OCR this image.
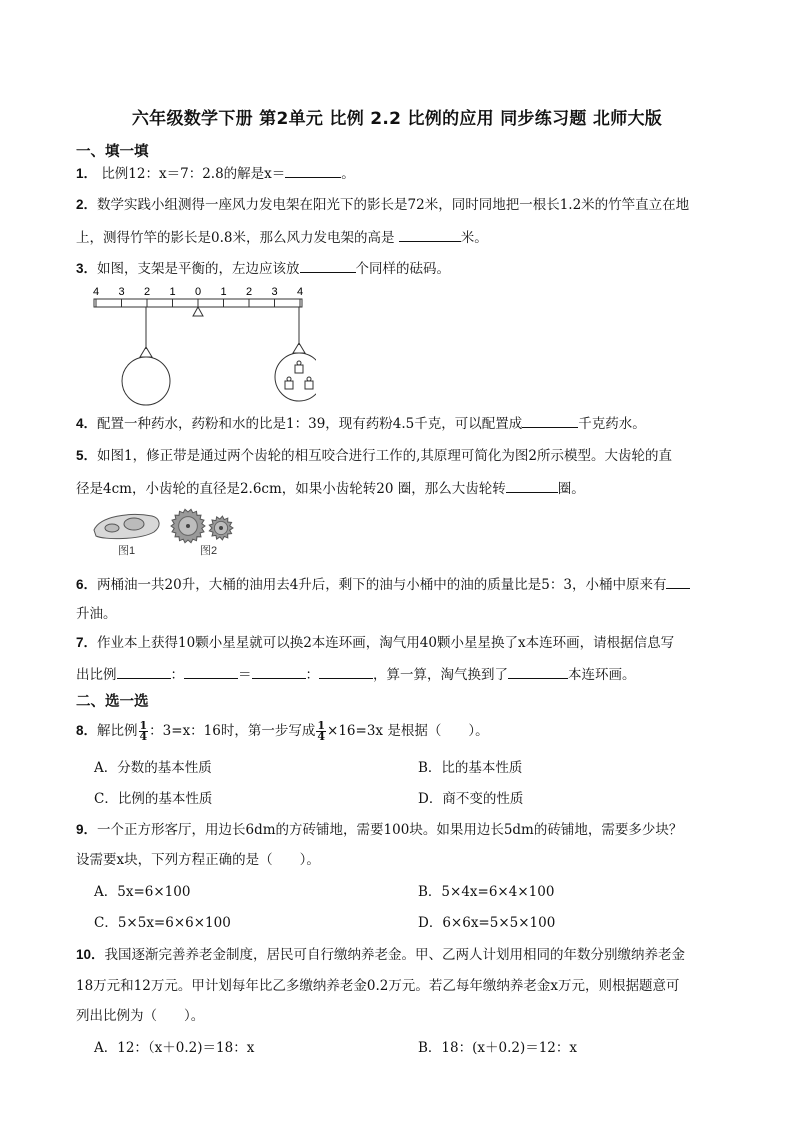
六年级数学下册 第2单元 比例 2.2 比例的应用 同步练习题 北师大版
一、填一填
1． 比例12：x＝7：2.8的解是x＝	。
2．数学实践小组测得一座风力发电架在阳光下的影长是72米，同时同地把一根长1.2米的竹竿直立在地
上，测得竹竿的影长是0.8米，那么风力发电架的高是	米。
3．如图，支架是平衡的，左边应该放	个同样的砝码。
4 3 2 1 0 1 2 3 4
4．配置一种药水，药粉和水的比是1：39，现有药粉4.5千克，可以配置成	千克药水。
5．如图1，修正带是通过两个齿轮的相互咬合进行工作的,其原理可简化为图2所示模型。大齿轮的直
径是4cm，小齿轮的直径是2.6cm，如果小齿轮转20 圈，那么大齿轮转	圈。
图1	图2
6．两桶油一共20升，大桶的油用去4升后，剩下的油与小桶中的油的质量比是5：3，小桶中原来有
升油。
7．作业本上获得10颗小星星就可以换2本连环画，淘气用40颗小星星换了x本连环画，请根据信息写
出比例	：	＝	：	，算一算，淘气换到了	本连环画。
二、选一选
8．解比例 $\frac{1}{4}$ ：3=x：16时，第一步写成 $\frac{1}{4} \times 16=3x$ 是根据（　　）。
A．分数的基本性质	B．比的基本性质
C．比例的基本性质	D．商不变的性质
9．一个正方形客厅，用边长6dm的方砖铺地，需要100块。如果用边长5dm的砖铺地，需要多少块？
设需要x块，下列方程正确的是（　　）。
A．5x=6×100	B．5×4x=6×4×100
C．5×5x=6×6×100	D．6×6x=5×5×100
10．我国逐渐完善养老金制度，居民可自行缴纳养老金。甲、乙两人计划用相同的年数分别缴纳养老金
18万元和12万元。甲计划每年比乙多缴纳养老金0.2万元。若乙每年缴纳养老金x万元，则根据题意可
列出比例为（　　）。
A．12：（x＋0.2)＝18：x	B．18：(x＋0.2)＝12：x
